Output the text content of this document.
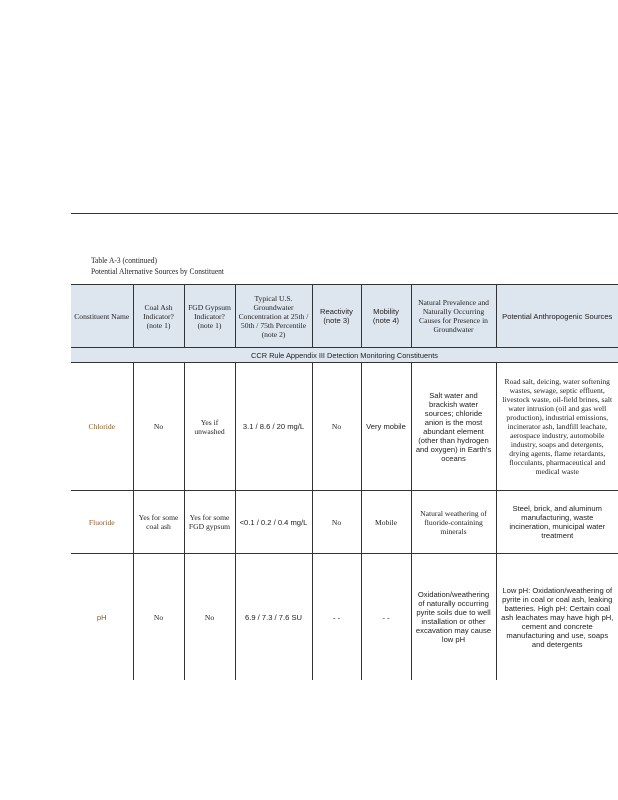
Table A-3 (continued)
Potential Alternative Sources by Constituent
Constituent Name	Coal Ash Indicator? (note 1)	FGD Gypsum Indicator? (note 1)	Typical U.S. Groundwater Concentration at 25th / 50th / 75th Percentile (note 2)	Reactivity (note 3)	Mobility (note 4)	Natural Prevalence and Naturally Occurring Causes for Presence in Groundwater	Potential Anthropogenic Sources
CCR Rule Appendix III Detection Monitoring Constituents							
Chloride	No	Yes if unwashed	3.1 / 8.6 / 20 mg/L	No	Very mobile	Salt water and brackish water sources; chloride anion is the most abundant element (other than hydrogen and oxygen) in Earth's oceans	Road salt, deicing, water softening wastes, sewage, septic effluent, livestock waste, oil-field brines, salt water intrusion (oil and gas well production), industrial emissions, incinerator ash, landfill leachate, aerospace industry, automobile industry, soaps and detergents, drying agents, flame retardants, flocculants, pharmaceutical and medical waste
Fluoride	Yes for some coal ash	Yes for some FGD gypsum	<0.1 / 0.2 / 0.4 mg/L	No	Mobile	Natural weathering of fluoride-containing minerals	Steel, brick, and aluminum manufacturing, waste incineration, municipal water treatment
pH	No	No	6.9 / 7.3 / 7.6 SU	- -	- -	Oxidation/weathering of naturally occurring pyrite soils due to well installation or other excavation may cause low pH	Low pH: Oxidation/weathering of pyrite in coal or coal ash, leaking batteries. High pH: Certain coal ash leachates may have high pH, cement and concrete manufacturing and use, soaps and detergents
